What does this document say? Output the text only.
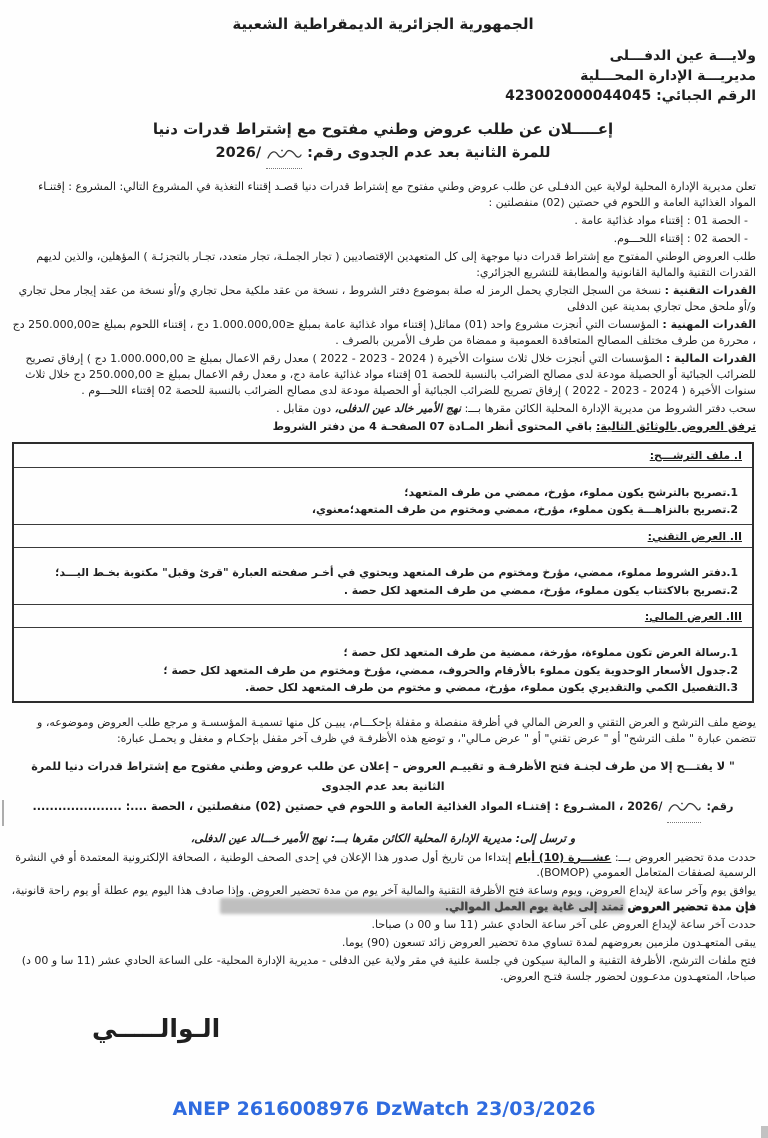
الجمهورية الجزائرية الديمقراطية الشعبية
ولايـــة عين الدفـــلى
مديريـــة الإدارة المحـــلية
الرقم الجبائي: 423002000044045
إعـــــلان عن طلب عروض وطني مفتوح مع إشتراط قدرات دنيا
للمرة الثانية بعد عدم الجدوى رقم:/2026

تعلن مديرية الإدارة المحلية لولاية عين الدفـلى عن طلب عروض وطني مفتوح مع إشتراط قدرات دنيا قصـد إقتناء التغذية في المشروع التالي: المشروع : إقتنـاء المواد الغذائية العامة و اللحوم في حصتين (02) منفصلتين :

- الحصة 01 : إقتناء مواد غذائية عامة .

- الحصة 02 : إقتناء اللحـــوم.

طلب العروض الوطني المفتوح مع إشتراط قدرات دنيا موجهة إلى كل المتعهدين الإقتصاديين ( تجار الجملـة، تجار متعدد، تجـار بالتجزئـة ) المؤهلين، والذين لديهم القدرات التقنية والمالية القانونية والمطابقة للتشريع الجزائري:

القدرات التقنية : نسخة من السجل التجاري يحمل الرمز له صلة بموضوع دفتر الشروط ، نسخة من عقد ملكية محل تجاري و/أو نسخة من عقد إيجار محل تجاري و/أو ملحق محل تجاري بمدينة عين الدفلى

القدرات المهنية : المؤسسات التي أنجزت مشروع واحد (01) مماثل( إقتناء مواد غذائية عامة بمبلغ ≤1.000.000,00 دج ، إقتناء اللحوم بمبلغ ≤250.000,00 دج ، محررة من طرف مختلف المصالح المتعاقدة العمومية و ممضاة من طرف الأمرين بالصرف .

القدرات المالية : المؤسسات التي أنجزت خلال ثلاث سنوات الأخيرة ( ‪2022 - 2023 - 2024‬ ) معدل رقم الاعمال بمبلغ ≤ 1.000.000,00 دج ) إرفاق تصريح للضرائب الجبائية أو الحصيلة مودعة لدى مصالح الضرائب بالنسبة للحصة 01 إقتناء مواد غذائية عامة دج، و معدل رقم الاعمال بمبلغ ≤ 250.000,00 دج خلال ثلاث سنوات الأخيرة ( ‪2022 - 2023 - 2024‬ ) إرفاق تصريح للضرائب الجبائية أو الحصيلة مودعة لدى مصالح الضرائب بالنسبة للحصة 02 إقتناء اللحـــوم .

سحب دفتر الشروط من مديرية الإدارة المحلية الكائن مقرها بـــ: نهج الأمير خالد عين الدفلى، دون مقابل .

ترفق العروض بالوثائق التالية: باقي المحتوى أنظر المـادة 07 الصفحـة 4 من دفتر الشروط

I. ملف الترشـــح:
1.تصريح بالترشح يكون مملوء، مؤرخ، ممضي من طرف المتعهد؛
2.تصريح بالنزاهـــة يكون مملوء، مؤرخ، ممضي ومختوم من طرف المتعهد؛معنوي،
II. العرض التقني:
1.دفتر الشروط مملوء، ممضي، مؤرخ ومختوم من طرف المتعهد ويحتوي في أخـر صفحته العبارة "قرئ وقبل" مكتوبة بخـط اليـــد؛
2.تصريح بالاكتتاب يكون مملوء، مؤرخ، ممضي من طرف المتعهد لكل حصة .
III. العرض المالي:
1.رسالة العرض تكون مملوءة، مؤرخة، ممضية من طرف المتعهد لكل حصة ؛
2.جدول الأسعار الوحدوية يكون مملوء بالأرقام والحروف، ممضي، مؤرخ ومختوم من طرف المتعهد لكل حصة ؛
3.التفصيل الكمي والتقديري يكون مملوء، مؤرخ، ممضي و مختوم من طرف المتعهد لكل حصة.

يوضع ملف الترشح و العرض التقني و العرض المالي في أظرفة منفصلة و مقفلة بإحكـــام، يبيـن كل منها تسميـة المؤسسـة و مرجع طلب العروض وموضوعه، و تتضمن عبارة " ملف الترشح" أو " عرض تقني" أو " عرض مـالي"، و توضع هذه الأظرفـة في ظرف آخر مقفل بإحكـام و مغفل و يحمـل عبارة:

" لا يفتـــح إلا من طرف لجنـة فتح الأظرفـة و تقييـم العروض – إعلان عن طلب عروض وطني مفتوح مع إشتراط قدرات دنيا للمرة الثانية بعد عدم الجدوى
رقم:/2026 ، المشـروع : إقتنـاء المواد الغذائية العامة و اللحوم في حصتين (02) منفصلتين ، الحصة ....: .....................
و ترسل إلى: مديرية الإدارة المحلية الكائن مقرها بـــ: نهج الأمير خـــالد عين الدفلى،

حددت مدة تحضير العروض بـــ: عشـــرة (10) أيام إبتداءا من تاريخ أول صدور هذا الإعلان في إحدى الصحف الوطنية ، الصحافة الإلكترونية المعتمدة أو في النشرة الرسمية لصفقات المتعامل العمومي (BOMOP).

يوافق يوم وآخر ساعة لإيداع العروض، ويوم وساعة فتح الأظرفة التقنية والمالية آخر يوم من مدة تحضير العروض. وإذا صادف هذا اليوم يوم عطلة أو يوم راحة قانونية، فإن مدة تحضير العروض تمتد إلى غاية يوم العمل الموالي.

حددت آخر ساعة لإيداع العروض على آخر ساعة الحادي عشر (11 سا و 00 د) صباحا.

يبقى المتعهـدون ملزمين بعروضهم لمدة تساوي مدة تحضير العروض زائد تسعون (90) يوما.

فتح ملفات الترشح، الأظرفة التقنية و المالية سيكون في جلسة علنية في مقر ولاية عين الدفلى - مديرية الإدارة المحلية- على الساعة الحادي عشر (11 سا و 00 د) صباحا، المتعهـدون مدعـوون لحضور جلسة فتـح العروض.

الـوالـــــي
ANEP 2616008976 DzWatch 23/03/2026
